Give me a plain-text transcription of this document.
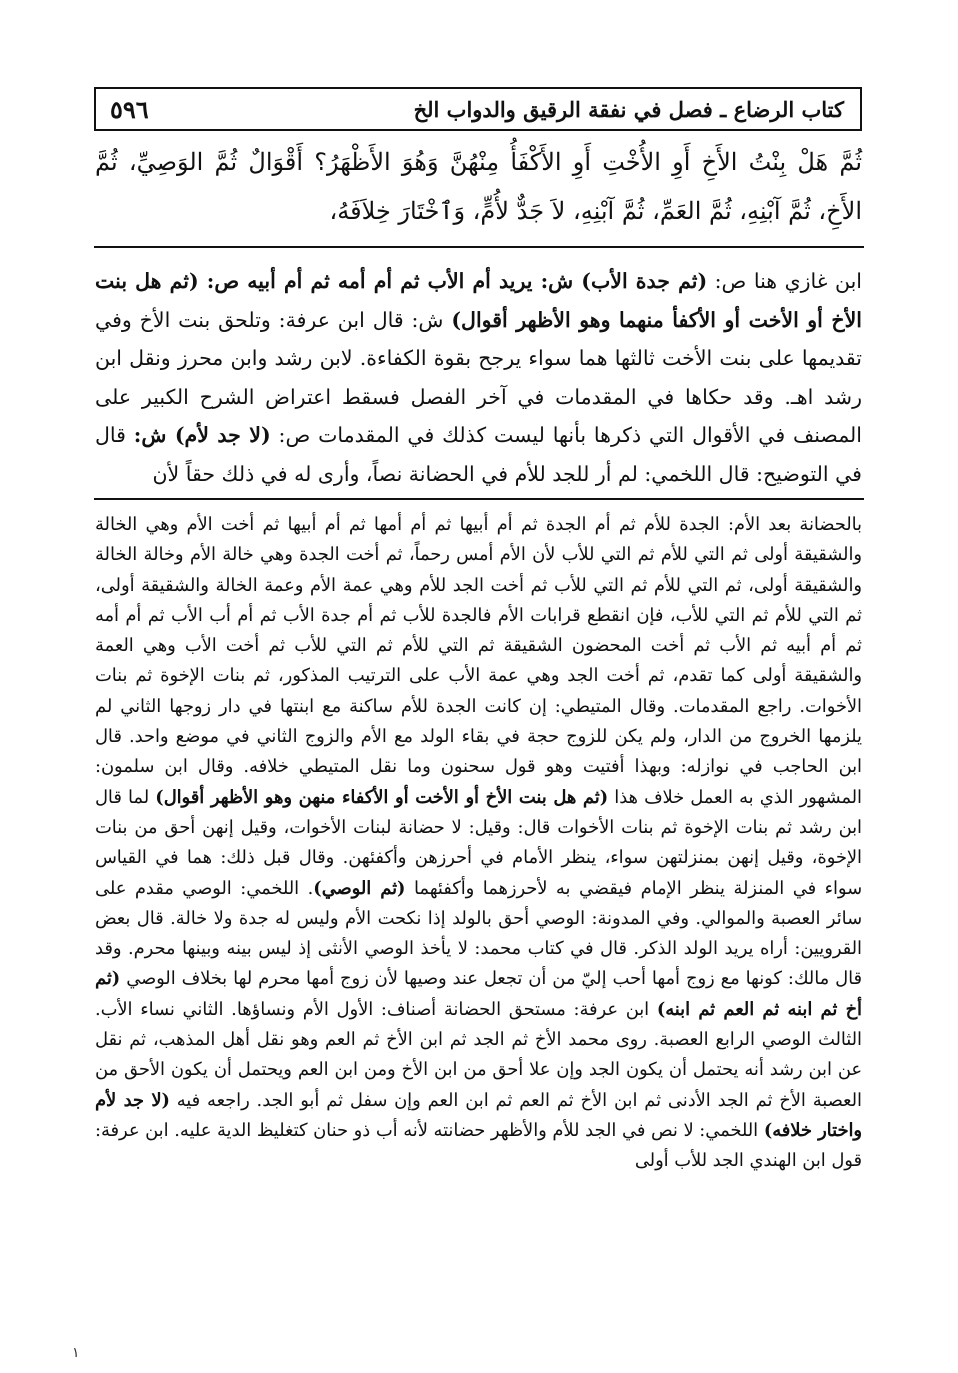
كتاب الرضاع ـ فصل في نفقة الرقيق والدواب الخ
٥٩٦
ثُمَّ هَلْ بِنْتُ الأَخِ أَوِ الأُخْتِ أَوِ الأَكْفَأُ مِنْهُنَّ وَهُوَ الأَظْهَرُ؟ أَقْوَالٌ ثُمَّ الوَصِيِّ، ثُمَّ الأَخِ، ثُمَّ آبْنِهِ، ثُمَّ العَمِّ، ثُمَّ آبْنِهِ، لاَ جَدٌّ لأُمٍّ، وَٱخْتَارَ خِلاَفَهُ،
ابن غازي هنا ص: (ثم جدة الأب) ش: يريد أم الأب ثم أم أمه ثم أم أبيه ص: (ثم هل بنت الأخ أو الأخت أو الأكفأ منهما وهو الأظهر أقوال) ش: قال ابن عرفة: وتلحق بنت الأخ وفي تقديمها على بنت الأخت ثالثها هما سواء يرجح بقوة الكفاءة. لابن رشد وابن محرز ونقل ابن رشد اهـ. وقد حكاها في المقدمات في آخر الفصل فسقط اعتراض الشرح الكبير على المصنف في الأقوال التي ذكرها بأنها ليست كذلك في المقدمات ص: (لا جد لأم) ش: قال في التوضيح: قال اللخمي: لم أر للجد للأم في الحضانة نصاً، وأرى له في ذلك حقاً لأن
بالحضانة بعد الأم: الجدة للأم ثم أم الجدة ثم أم أبيها ثم أم أمها ثم أم أبيها ثم أخت الأم وهي الخالة والشقيقة أولى ثم التي للأم ثم التي للأب لأن الأم أمس رحماً، ثم أخت الجدة وهي خالة الأم وخالة الخالة والشقيقة أولى، ثم التي للأم ثم التي للأب ثم أخت الجد للأم وهي عمة الأم وعمة الخالة والشقيقة أولى، ثم التي للأم ثم التي للأب، فإن انقطع قرابات الأم فالجدة للأب ثم أم جدة الأب ثم أم أب الأب ثم أم أمه ثم أم أبيه ثم الأب ثم أخت المحضون الشقيقة ثم التي للأم ثم التي للأب ثم أخت الأب وهي العمة والشقيقة أولى كما تقدم، ثم أخت الجد وهي عمة الأب على الترتيب المذكور، ثم بنات الإخوة ثم بنات الأخوات. راجع المقدمات. وقال المتيطي: إن كانت الجدة للأم ساكنة مع ابنتها في دار زوجها الثاني لم يلزمها الخروج من الدار، ولم يكن للزوج حجة في بقاء الولد مع الأم والزوج الثاني في موضع واحد. قال ابن الحاجب في نوازله: وبهذا أفتيت وهو قول سحنون وما نقل المتيطي خلافه. وقال ابن سلمون: المشهور الذي به العمل خلاف هذا (ثم هل بنت الأخ أو الأخت أو الأكفاء منهن وهو الأظهر أقوال) لما قال ابن رشد ثم بنات الإخوة ثم بنات الأخوات قال: وقيل: لا حضانة لبنات الأخوات، وقيل إنهن أحق من بنات الإخوة، وقيل إنهن بمنزلتهن سواء، ينظر الأمام في أحرزهن وأكفئهن. وقال قبل ذلك: هما في القياس سواء في المنزلة ينظر الإمام فيقضي به لأحرزهما وأكفئهما (ثم الوصي). اللخمي: الوصي مقدم على سائر العصبة والموالي. وفي المدونة: الوصي أحق بالولد إذا نكحت الأم وليس له جدة ولا خالة. قال بعض القرويين: أراه يريد الولد الذكر. قال في كتاب محمد: لا يأخذ الوصي الأنثى إذ ليس بينه وبينها محرم. وقد قال مالك: كونها مع زوج أمها أحب إليّ من أن تجعل عند وصيها لأن زوج أمها محرم لها بخلاف الوصي (ثم أخ ثم ابنه ثم العم ثم ابنه) ابن عرفة: مستحق الحضانة أصناف: الأول الأم ونساؤها. الثاني نساء الأب. الثالث الوصي الرابع العصبة. روى محمد الأخ ثم الجد ثم ابن الأخ ثم العم وهو نقل أهل المذهب، ثم نقل عن ابن رشد أنه يحتمل أن يكون الجد وإن علا أحق من ابن الأخ ومن ابن العم ويحتمل أن يكون الأحق من العصبة الأخ ثم الجد الأدنى ثم ابن الأخ ثم العم ثم ابن العم وإن سفل ثم أبو الجد. راجعه فيه (لا جد لأم واختار خلافه) اللخمي: لا نص في الجد للأم والأظهر حضانته لأنه أب ذو حنان كتغليظ الدية عليه. ابن عرفة: قول ابن الهندي الجد للأب أولى
١
